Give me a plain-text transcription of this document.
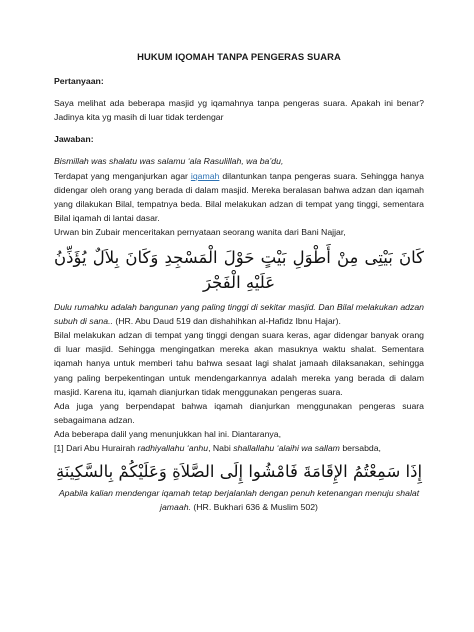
HUKUM IQOMAH TANPA PENGERAS SUARA
Pertanyaan:

Saya melihat ada beberapa masjid yg iqamahnya tanpa pengeras suara. Apakah ini benar? Jadinya kita yg masih di luar tidak terdengar

Jawaban:

Bismillah was shalatu was salamu ‘ala Rasulillah, wa ba’du,

Terdapat yang menganjurkan agar iqamah dilantunkan tanpa pengeras suara. Sehingga hanya didengar oleh orang yang berada di dalam masjid. Mereka beralasan bahwa adzan dan iqamah yang dilakukan Bilal, tempatnya beda. Bilal melakukan adzan di tempat yang tinggi, sementara Bilal iqamah di lantai dasar.

Urwan bin Zubair menceritakan pernyataan seorang wanita dari Bani Najjar,

كَانَ بَيْتِى مِنْ أَطْوَلِ بَيْتٍ حَوْلَ الْمَسْجِدِ وَكَانَ بِلاَلٌ يُؤَذِّنُ عَلَيْهِ الْفَجْرَ

Dulu rumahku adalah bangunan yang paling tinggi di sekitar masjid. Dan Bilal melakukan adzan subuh di sana.. (HR. Abu Daud 519 dan dishahihkan al-Hafidz Ibnu Hajar).

Bilal melakukan adzan di tempat yang tinggi dengan suara keras, agar didengar banyak orang di luar masjid. Sehingga mengingatkan mereka akan masuknya waktu shalat. Sementara iqamah hanya untuk memberi tahu bahwa sesaat lagi shalat jamaah dilaksanakan, sehingga yang paling berpekentingan untuk mendengarkannya adalah mereka yang berada di dalam masjid. Karena itu, iqamah dianjurkan tidak menggunakan pengeras suara.

Ada juga yang berpendapat bahwa iqamah dianjurkan menggunakan pengeras suara sebagaimana adzan.

Ada beberapa dalil yang menunjukkan hal ini. Diantaranya,

[1] Dari Abu Hurairah radhiyallahu ‘anhu, Nabi shallallahu ‘alaihi wa sallam bersabda,

إِذَا سَمِعْتُمُ الإِقَامَةَ فَامْشُوا إِلَى الصَّلاَةِ وَعَلَيْكُمْ بِالسَّكِينَةِ

Apabila kalian mendengar iqamah tetap berjalanlah dengan penuh ketenangan menuju shalat jamaah. (HR. Bukhari 636 & Muslim 502)
